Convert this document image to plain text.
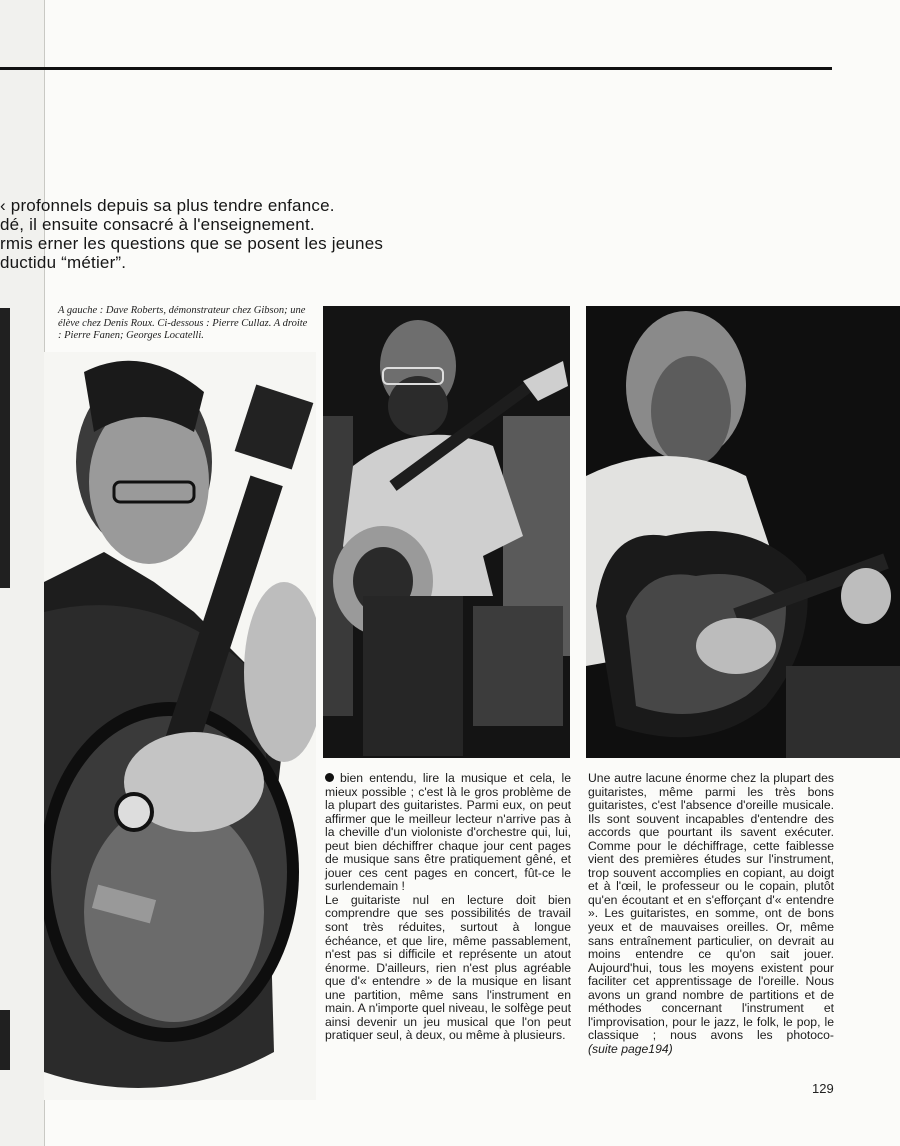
‹ profonnels depuis sa plus tendre enfance.
dé, il ensuite consacré à l'enseignement.
rmis erner les questions que se posent les jeunes
ductidu “métier”.
A gauche : Dave Roberts, démonstrateur chez Gibson; une élève chez Denis Roux. Ci-dessous : Pierre Cullaz. A droite : Pierre Fanen; Georges Locatelli.

bien entendu, lire la musique et cela, le mieux possible ; c'est là le gros problème de la plupart des guitaristes. Parmi eux, on peut affirmer que le meilleur lecteur n'arrive pas à la cheville d'un violoniste d'orchestre qui, lui, peut bien déchiffrer chaque jour cent pages de musique sans être pratiquement gêné, et jouer ces cent pages en concert, fût-ce le surlendemain !

Le guitariste nul en lecture doit bien comprendre que ses possibilités de travail sont très réduites, surtout à longue échéance, et que lire, même passablement, n'est pas si difficile et représente un atout énorme. D'ailleurs, rien n'est plus agréable que d'« entendre » de la musique en lisant une partition, même sans l'instrument en main. A n'importe quel niveau, le solfège peut ainsi devenir un jeu musical que l'on peut pratiquer seul, à deux, ou même à plusieurs.

Une autre lacune énorme chez la plupart des guitaristes, même parmi les très bons guitaristes, c'est l'absence d'oreille musicale. Ils sont souvent incapables d'entendre des accords que pourtant ils savent exécuter. Comme pour le déchiffrage, cette faiblesse vient des premières études sur l'instrument, trop souvent accomplies en copiant, au doigt et à l'œil, le professeur ou le copain, plutôt qu'en écoutant et en s'efforçant d'« entendre ». Les guitaristes, en somme, ont de bons yeux et de mauvaises oreilles. Or, même sans entraînement particulier, on devrait au moins entendre ce qu'on sait jouer. Aujourd'hui, tous les moyens existent pour faciliter cet apprentissage de l'oreille. Nous avons un grand nombre de partitions et de méthodes concernant l'instrument et l'improvisation, pour le jazz, le folk, le pop, le classique ; nous avons les photoco- (suite page194)

129
